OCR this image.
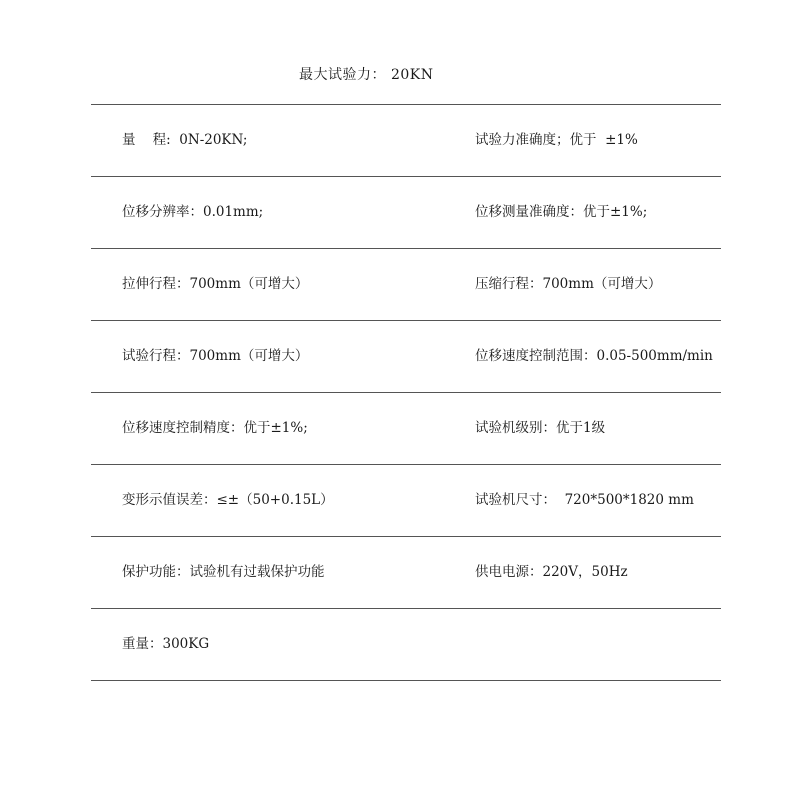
最大试验力： 20KN
量    程:  0N-20KN;	试验力准确度；优于  ±1%
位移分辨率：0.01mm;	位移测量准确度：优于±1%;
拉伸行程：700mm（可增大）	压缩行程：700mm（可增大）
试验行程：700mm（可增大）	位移速度控制范围：0.05-500mm/min
位移速度控制精度：优于±1%;	试验机级别：优于1级
变形示值误差：≤±（50+0.15L）	试验机尺寸：  720*500*1820 mm
保护功能：试验机有过载保护功能	供电电源：220V，50Hz
重量：300KG
